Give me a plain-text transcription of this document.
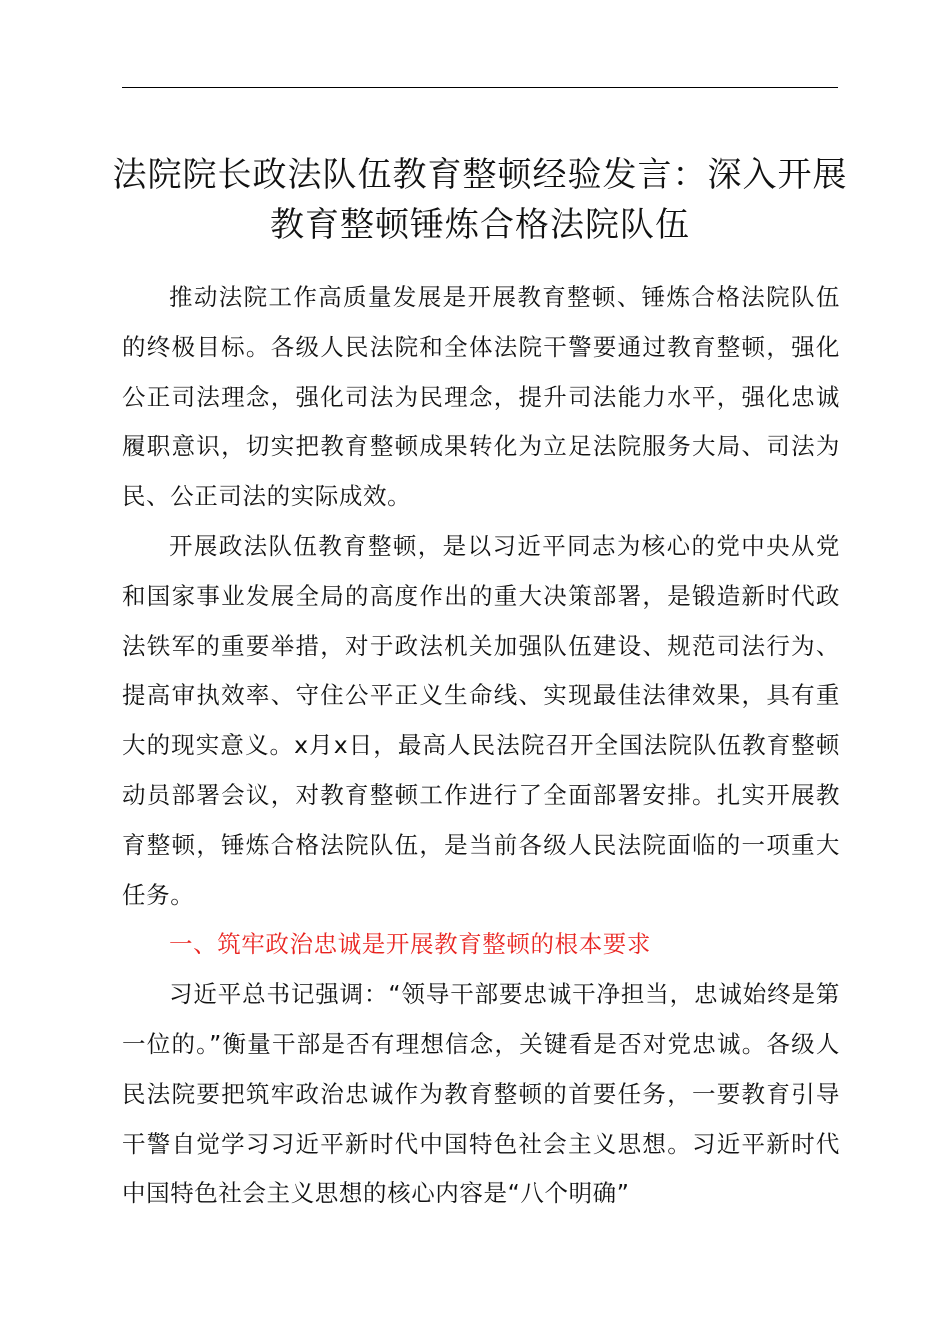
法院院长政法队伍教育整顿经验发言：深入开展教育整顿锤炼合格法院队伍

推动法院工作高质量发展是开展教育整顿、锤炼合格法院队伍的终极目标。各级人民法院和全体法院干警要通过教育整顿，强化公正司法理念，强化司法为民理念，提升司法能力水平，强化忠诚履职意识，切实把教育整顿成果转化为立足法院服务大局、司法为民、公正司法的实际成效。

开展政法队伍教育整顿，是以习近平同志为核心的党中央从党和国家事业发展全局的高度作出的重大决策部署，是锻造新时代政法铁军的重要举措，对于政法机关加强队伍建设、规范司法行为、提高审执效率、守住公平正义生命线、实现最佳法律效果，具有重大的现实意义。x月x日，最高人民法院召开全国法院队伍教育整顿动员部署会议，对教育整顿工作进行了全面部署安排。扎实开展教育整顿，锤炼合格法院队伍，是当前各级人民法院面临的一项重大任务。

一、筑牢政治忠诚是开展教育整顿的根本要求

习近平总书记强调：“领导干部要忠诚干净担当，忠诚始终是第一位的。”衡量干部是否有理想信念，关键看是否对党忠诚。各级人民法院要把筑牢政治忠诚作为教育整顿的首要任务，一要教育引导干警自觉学习习近平新时代中国特色社会主义思想。习近平新时代中国特色社会主义思想的核心内容是“八个明确”
